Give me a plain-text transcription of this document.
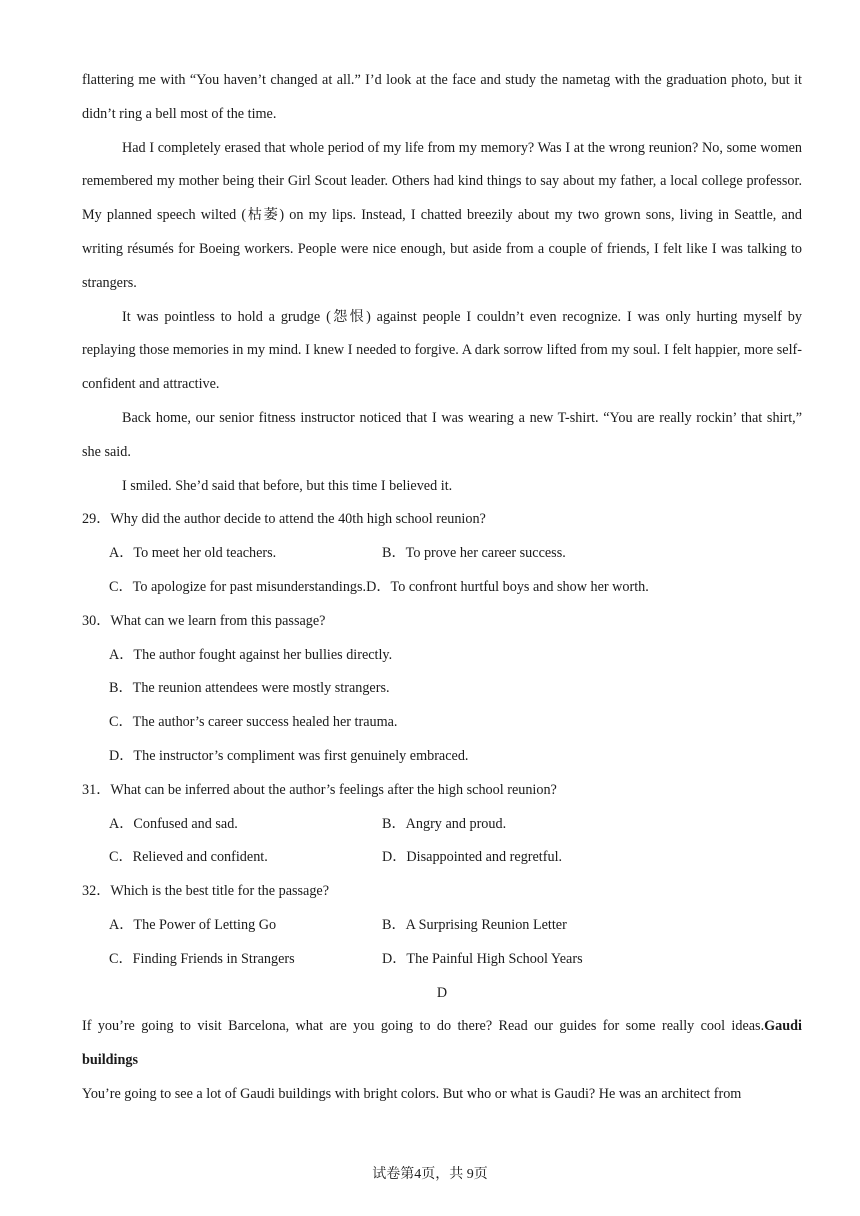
flattering me with “You haven’t changed at all.” I’d look at the face and study the nametag with the graduation photo, but it didn’t ring a bell most of the time.

Had I completely erased that whole period of my life from my memory? Was I at the wrong reunion? No, some women remembered my mother being their Girl Scout leader. Others had kind things to say about my father, a local college professor. My planned speech wilted (枯萎) on my lips. Instead, I chatted breezily about my two grown sons, living in Seattle, and writing résumés for Boeing workers. People were nice enough, but aside from a couple of friends, I felt like I was talking to strangers.

It was pointless to hold a grudge (怨恨) against people I couldn’t even recognize. I was only hurting myself by replaying those memories in my mind. I knew I needed to forgive. A dark sorrow lifted from my soul. I felt happier, more self-confident and attractive.

Back home, our senior fitness instructor noticed that I was wearing a new T-shirt. “You are really rockin’ that shirt,” she said.

I smiled. She’d said that before, but this time I believed it.

29．Why did the author decide to attend the 40th high school reunion?

A．To meet her old teachers.	B．To prove her career success.
C．To apologize for past misunderstandings. D．To confront hurtful boys and show her worth.

30．What can we learn from this passage?

A．The author fought against her bullies directly.
B．The reunion attendees were mostly strangers.
C．The author’s career success healed her trauma.
D．The instructor’s compliment was first genuinely embraced.

31．What can be inferred about the author’s feelings after the high school reunion?

A．Confused and sad.	B．Angry and proud.
C．Relieved and confident.	D．Disappointed and regretful.

32．Which is the best title for the passage?

A．The Power of Letting Go	B．A Surprising Reunion Letter
C．Finding Friends in Strangers	D．The Painful High School Years

D

If you’re going to visit Barcelona, what are you going to do there? Read our guides for some really cool ideas.Gaudi buildings

You’re going to see a lot of Gaudi buildings with bright colors. But who or what is Gaudi? He was an architect from

试卷第4页，共 9页
